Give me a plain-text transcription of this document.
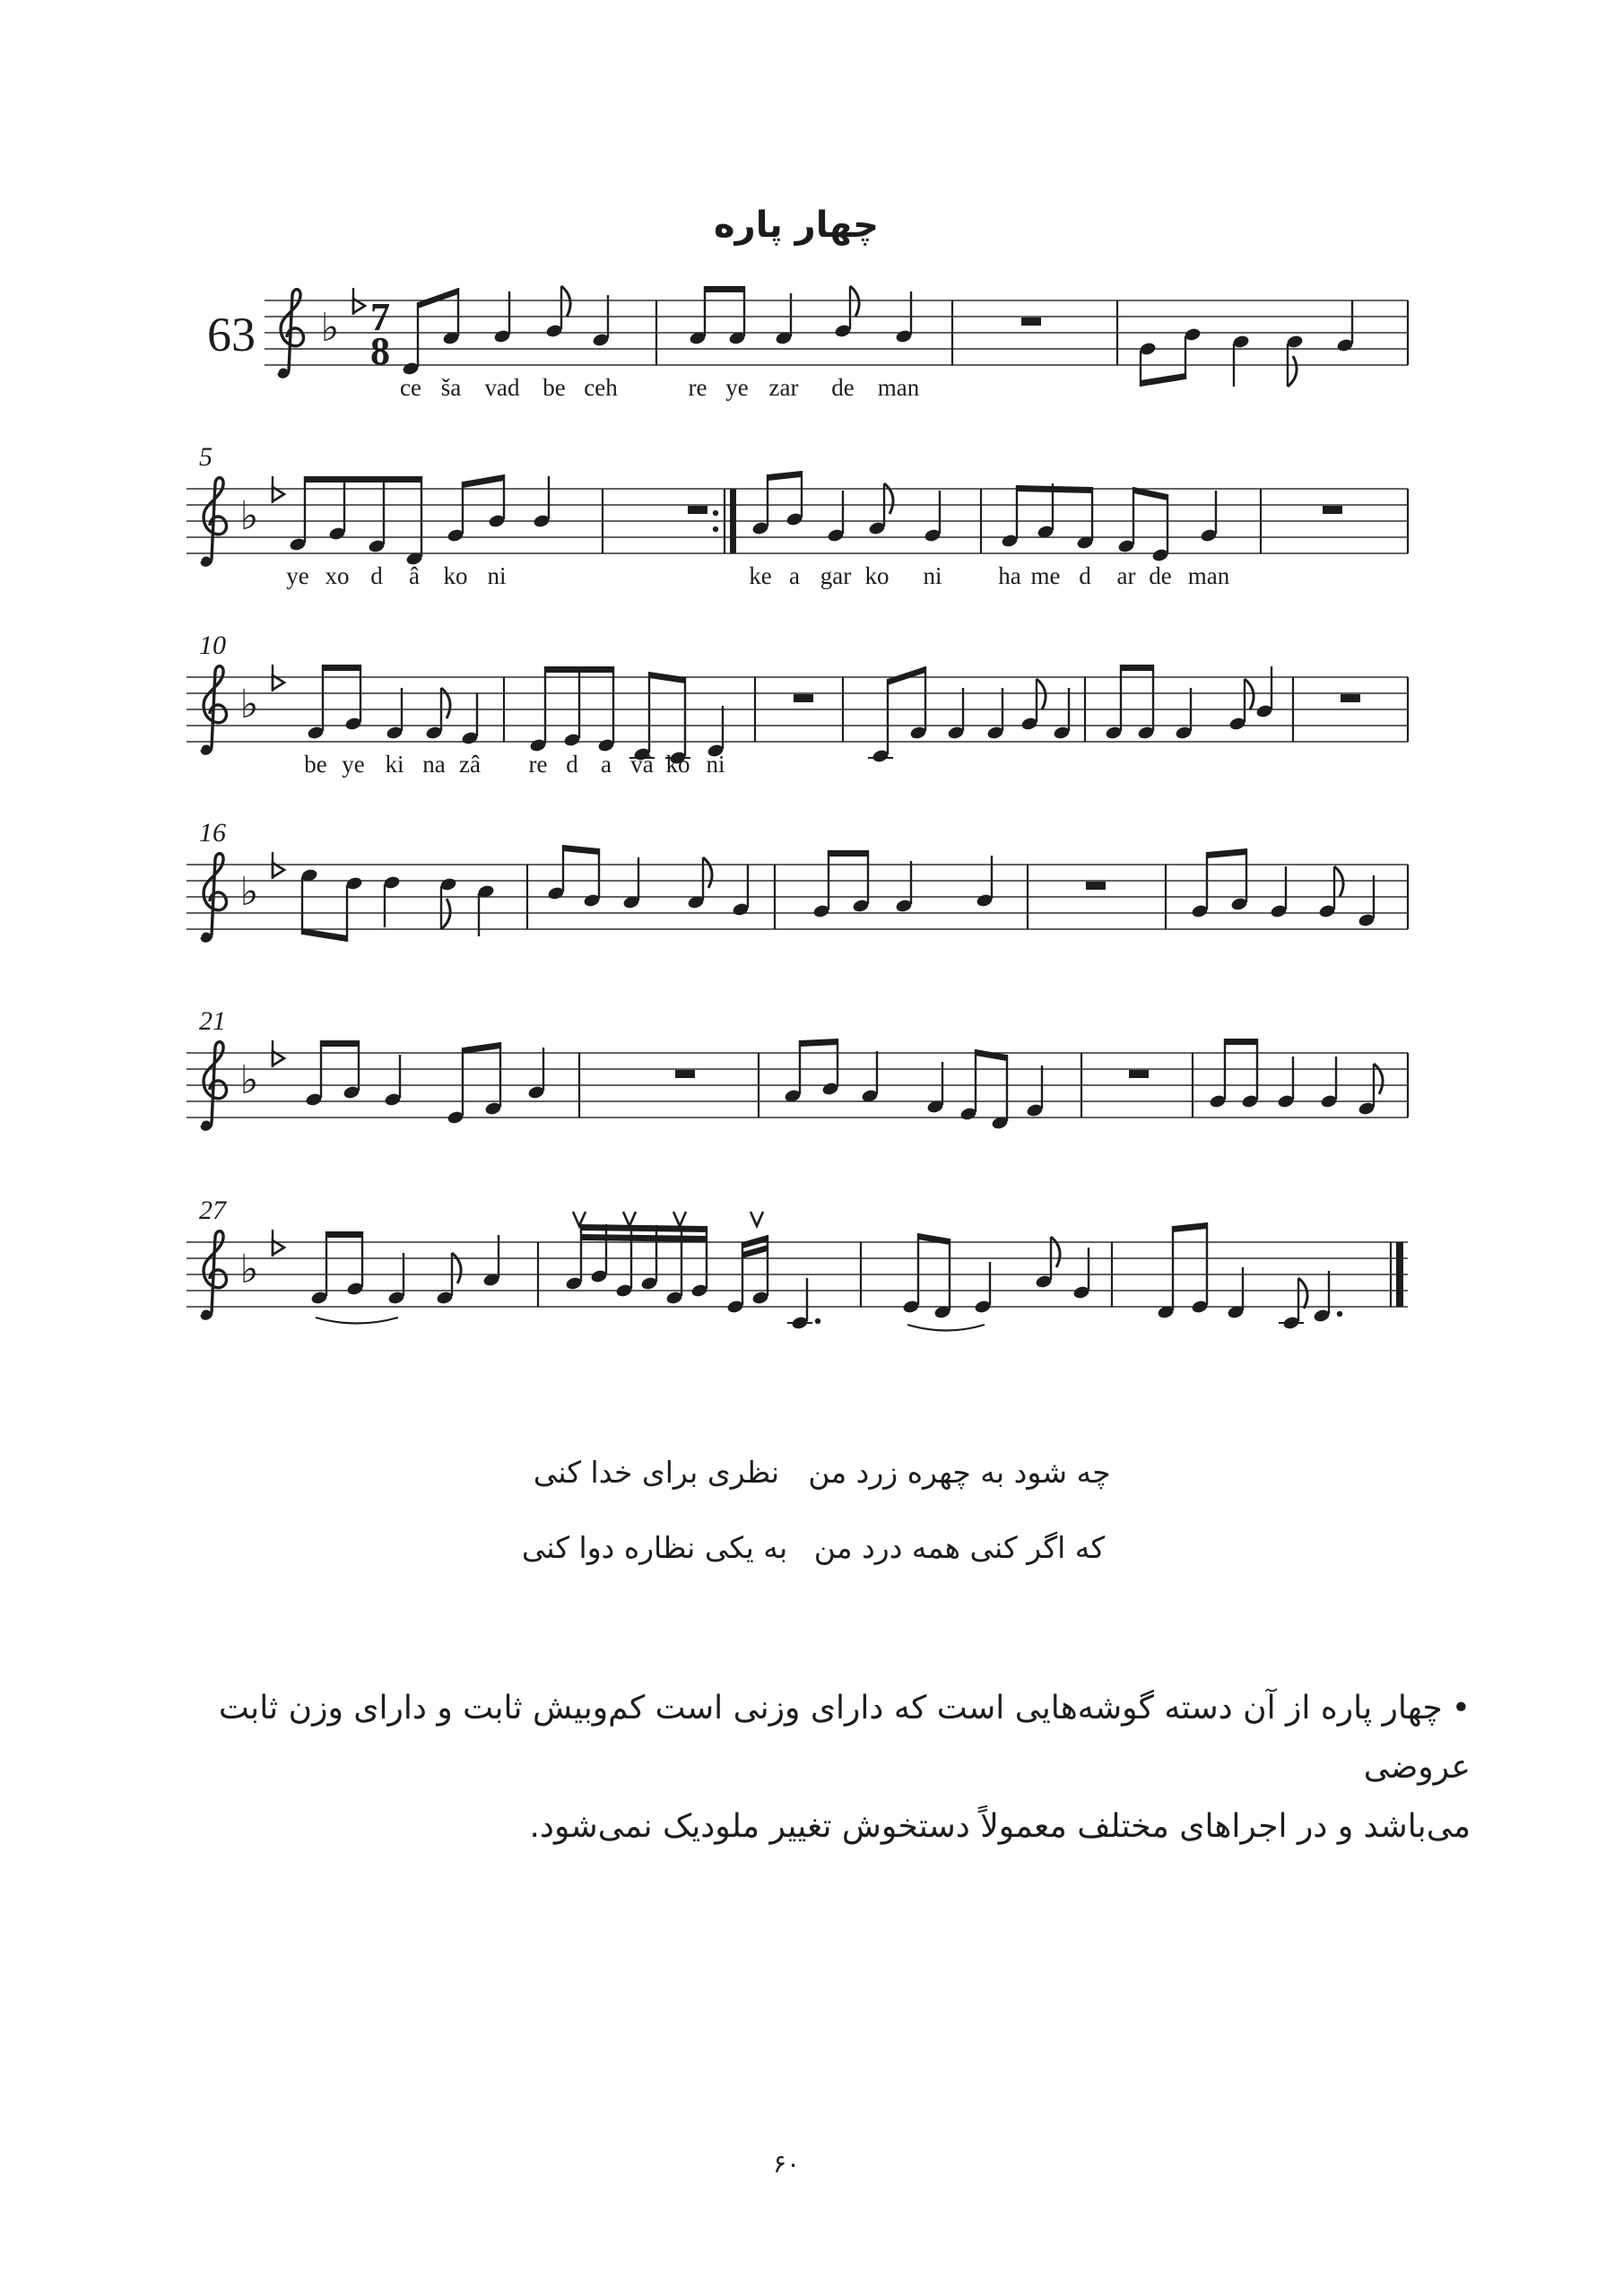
چهار پاره
63 ♭ 7
8
ce ša vad be ceh	re ye zar de man
5
♭
ye xo d â ko ni	ke a gar ko ni ha me d ar de man
10
♭
be ye ki na zâ re d a vâ ko ni
16
♭
21
♭
27
♭
چه شود به چهره زرد من
نظری برای خدا کنی
که اگر کنی همه درد من
به یکی نظاره دوا کنی
•چهار پاره از آن دسته گوشه‌هایی است که دارای وزنی است کم‌وبیش ثابت و دارای وزن ثابت عروضی
می‌باشد و در اجراهای مختلف معمولاً دستخوش تغییر ملودیک نمی‌شود.
۶۰
